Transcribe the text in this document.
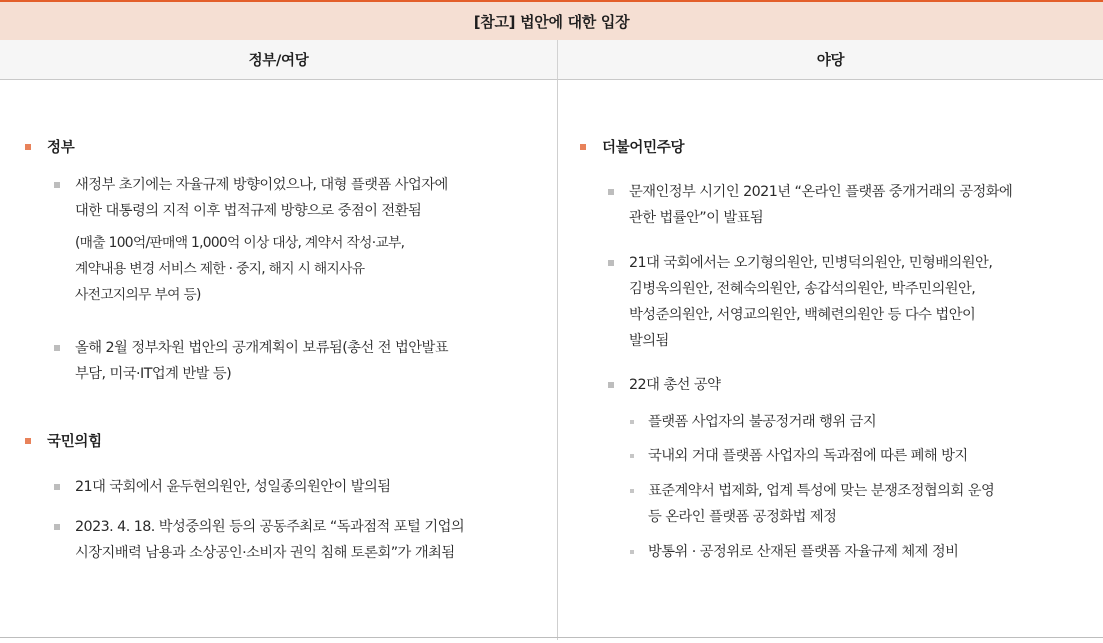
[참고] 법안에 대한 입장
정부/여당	야당
정부
새정부 초기에는 자율규제 방향이었으나, 대형 플랫폼 사업자에
대한 대통령의 지적 이후 법적규제 방향으로 중점이 전환됨
(매출 100억/판매액 1,000억 이상 대상, 계약서 작성·교부,
계약내용 변경 서비스 제한 · 중지, 해지 시 해지사유
사전고지의무 부여 등)
올해 2월 정부차원 법안의 공개계획이 보류됨(총선 전 법안발표
부담, 미국·IT업계 반발 등)
국민의힘
21대 국회에서 윤두현의원안, 성일종의원안이 발의됨
2023. 4. 18. 박성중의원 등의 공동주최로 “독과점적 포털 기업의
시장지배력 남용과 소상공인·소비자 권익 침해 토론회”가 개최됨
더불어민주당
문재인정부 시기인 2021년 “온라인 플랫폼 중개거래의 공정화에
관한 법률안”이 발표됨
21대 국회에서는 오기형의원안, 민병덕의원안, 민형배의원안,
김병욱의원안, 전혜숙의원안, 송갑석의원안, 박주민의원안,
박성준의원안, 서영교의원안, 백혜련의원안 등 다수 법안이
발의됨
22대 총선 공약
플랫폼 사업자의 불공정거래 행위 금지
국내외 거대 플랫폼 사업자의 독과점에 따른 폐해 방지
표준계약서 법제화, 업계 특성에 맞는 분쟁조정협의회 운영
등 온라인 플랫폼 공정화법 제정
방통위 · 공정위로 산재된 플랫폼 자율규제 체제 정비
